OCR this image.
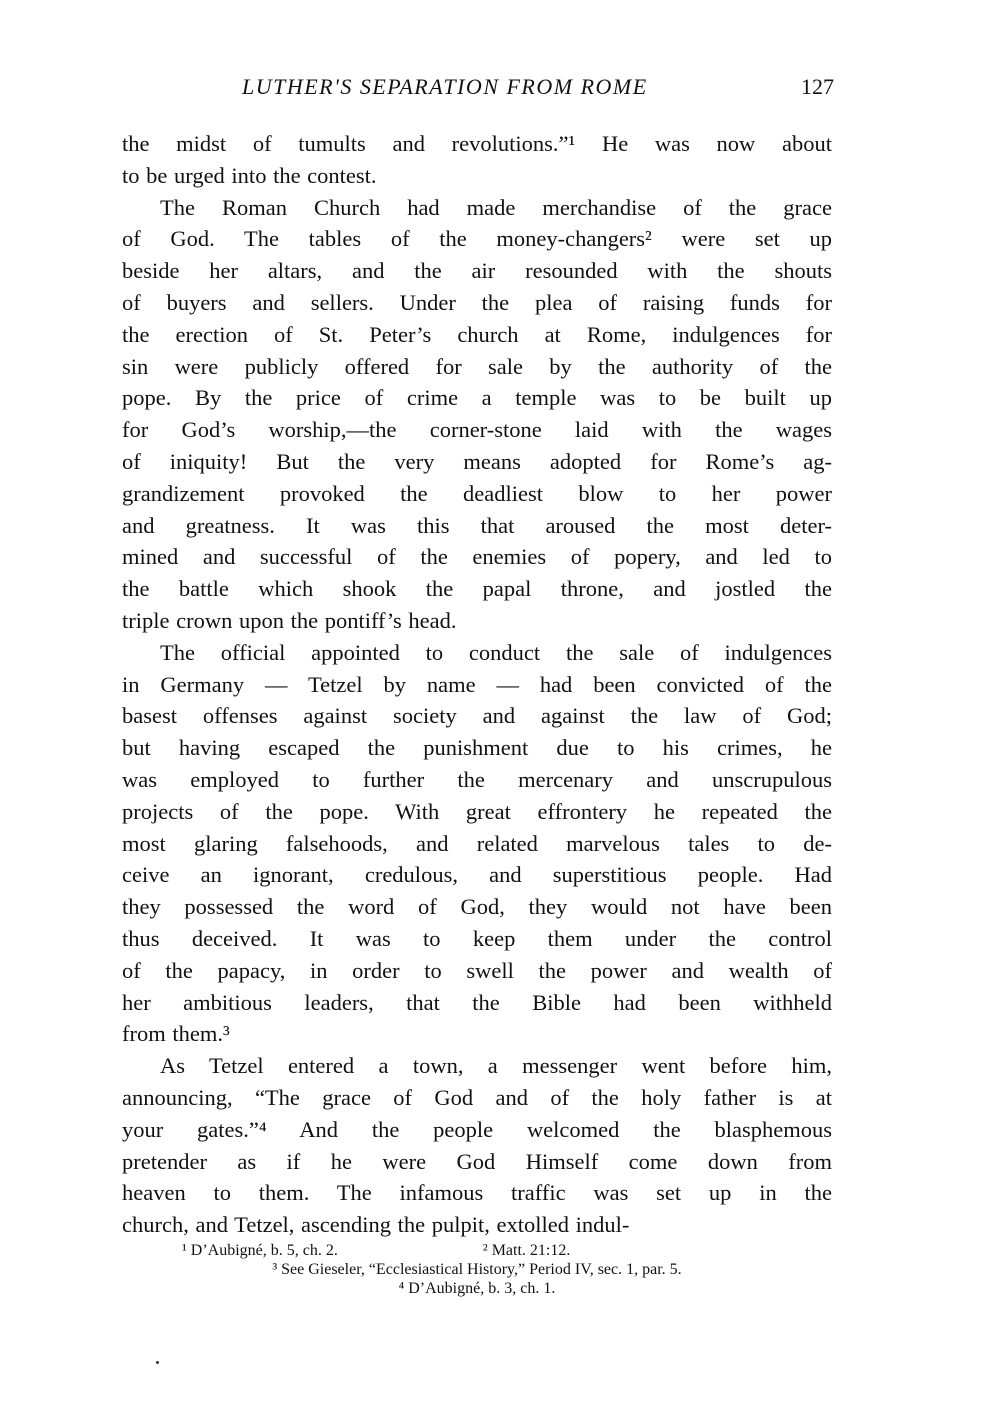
LUTHER'S SEPARATION FROM ROME	127
the midst of tumults and revolutions.”¹ He was now about
to be urged into the contest.
The Roman Church had made merchandise of the grace
of God. The tables of the money-changers² were set up
beside her altars, and the air resounded with the shouts
of buyers and sellers. Under the plea of raising funds for
the erection of St. Peter’s church at Rome, indulgences for
sin were publicly offered for sale by the authority of the
pope. By the price of crime a temple was to be built up
for God’s worship,—the corner-stone laid with the wages
of iniquity! But the very means adopted for Rome’s ag-
grandizement provoked the deadliest blow to her power
and greatness. It was this that aroused the most deter-
mined and successful of the enemies of popery, and led to
the battle which shook the papal throne, and jostled the
triple crown upon the pontiff’s head.
The official appointed to conduct the sale of indulgences
in Germany — Tetzel by name — had been convicted of the
basest offenses against society and against the law of God;
but having escaped the punishment due to his crimes, he
was employed to further the mercenary and unscrupulous
projects of the pope. With great effrontery he repeated the
most glaring falsehoods, and related marvelous tales to de-
ceive an ignorant, credulous, and superstitious people. Had
they possessed the word of God, they would not have been
thus deceived. It was to keep them under the control
of the papacy, in order to swell the power and wealth of
her ambitious leaders, that the Bible had been withheld
from them.³
As Tetzel entered a town, a messenger went before him,
announcing, “The grace of God and of the holy father is at
your gates.”⁴ And the people welcomed the blasphemous
pretender as if he were God Himself come down from
heaven to them. The infamous traffic was set up in the
church, and Tetzel, ascending the pulpit, extolled indul-
¹ D’Aubigné, b. 5, ch. 2.	² Matt. 21:12.
³ See Gieseler, “Ecclesiastical History,” Period IV, sec. 1, par. 5.
⁴ D’Aubigné, b. 3, ch. 1.
